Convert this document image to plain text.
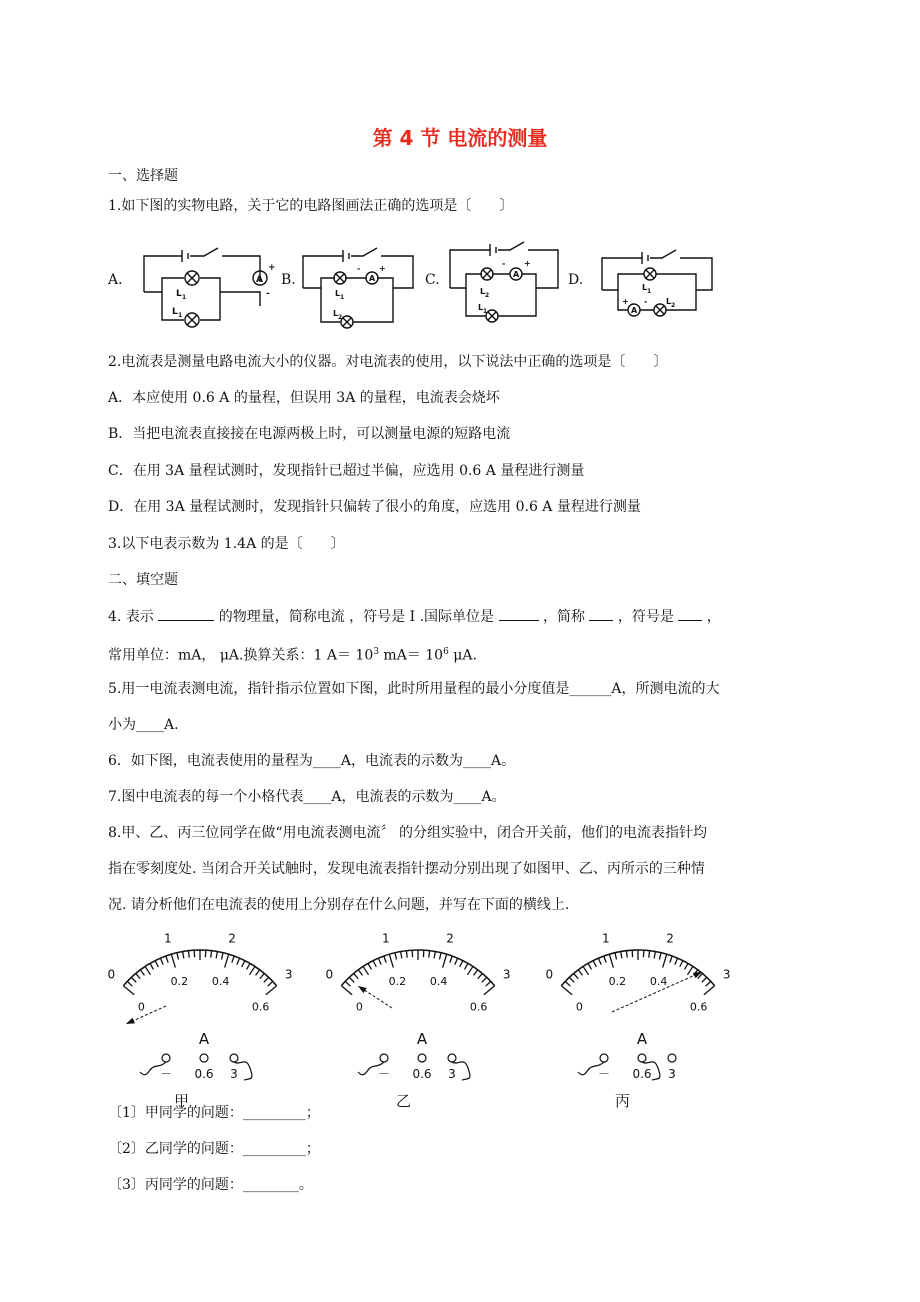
第 4 节 电流的测量
一、选择题
1.如下图的实物电路，关于它的电路图画法正确的选项是〔　　〕
A.	B.	C.	D.
A
+
-
L 1
L 1
A
- +
L 1
L 2
A
- +
L 2
L 1	A
+ -
L 1
L 2
2.电流表是测量电路电流大小的仪器。对电流表的使用，以下说法中正确的选项是〔　　〕
A．本应使用 0.6 A 的量程，但误用 3A 的量程，电流表会烧坏
B．当把电流表直接接在电源两极上时，可以测量电源的短路电流
C．在用 3A 量程试测时，发现指针已超过半偏，应选用 0.6 A 量程进行测量
D．在用 3A 量程试测时，发现指针只偏转了很小的角度，应选用 0.6 A 量程进行测量
3.以下电表示数为 1.4A 的是〔　　〕
二、填空题
4. 表示	的物理量，简称电流 ，符号是 I .国际单位是	，简称 ，符号是 ，
常用单位：mA， μA.换算关系：1 $A= 10^3$ $mA= 10^6$ μA.
5.用一电流表测电流，指针指示位置如下图，此时所用量程的最小分度值是______A，所测电流的大
小为____A.
6．如下图，电流表使用的量程为____A，电流表的示数为____A。
7.图中电流表的每一个小格代表____A，电流表的示数为____A。
8.甲、乙、丙三位同学在做“用电流表测电流〞 的分组实验中，闭合开关前，他们的电流表指针均
指在零刻度处. 当闭合开关试触时，发现电流表指针摆动分别出现了如图甲、乙、丙所示的三种情
况. 请分析他们在电流表的使用上分别存在什么问题，并写在下面的横线上.
0	3
1	2
0	0.6
0.2 0.4
A
－ 0.6 3
0	3
1	2
0	0.6
0.2 0.4
A
－ 0.6 3
0	3
1	2
0	0.6
0.2 0.4
A
－ 0.6 3
甲	乙	丙
〔1〕甲同学的问题：_________；
〔2〕乙同学的问题：_________；
〔3〕丙同学的问题：________。
